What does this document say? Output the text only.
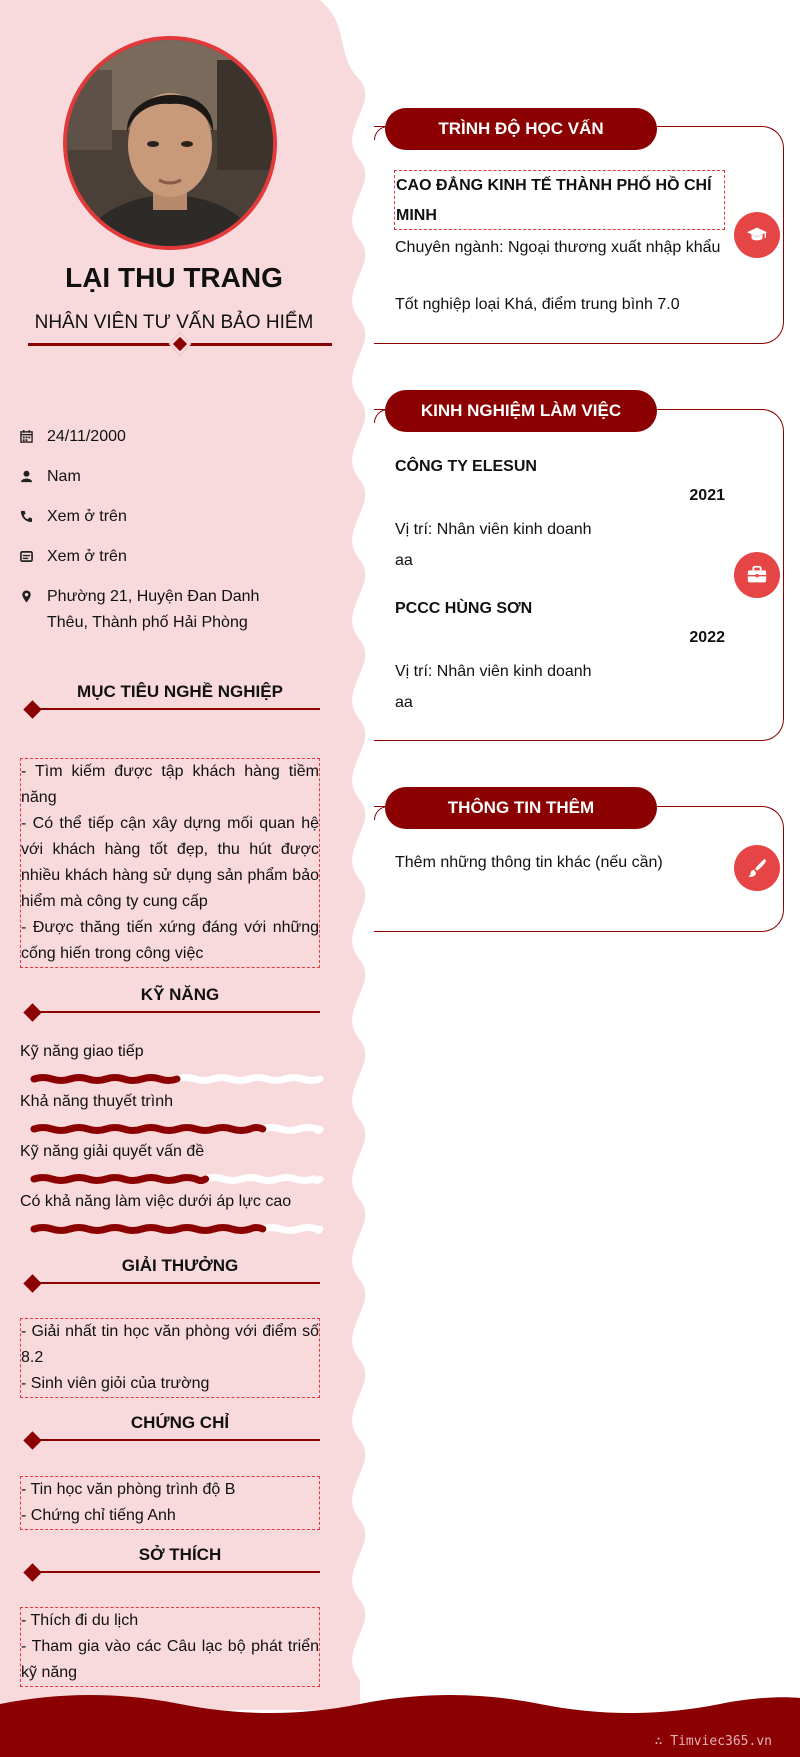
LẠI THU TRANG
NHÂN VIÊN TƯ VẤN BẢO HIỂM
24/11/2000
Nam
Xem ở trên
Xem ở trên
Phường 21, Huyện Đan Danh Thêu, Thành phố Hải Phòng
MỤC TIÊU NGHỀ NGHIỆP
- Tìm kiếm được tập khách hàng tiềm năng
- Có thể tiếp cận xây dựng mối quan hệ với khách hàng tốt đẹp, thu hút được nhiều khách hàng sử dụng sản phẩm bảo hiểm mà công ty cung cấp
- Được thăng tiến xứng đáng với những cống hiến trong công việc
KỸ NĂNG
Kỹ năng giao tiếp
Khả năng thuyết trình
Kỹ năng giải quyết vấn đề
Có khả năng làm việc dưới áp lực cao
GIẢI THƯỞNG
- Giải nhất tin học văn phòng với điểm số 8.2
- Sinh viên giỏi của trường
CHỨNG CHỈ
- Tin học văn phòng trình độ B
- Chứng chỉ tiếng Anh
SỞ THÍCH
- Thích đi du lịch
- Tham gia vào các Câu lạc bộ phát triển kỹ năng
TRÌNH ĐỘ HỌC VẤN
CAO ĐẲNG KINH TẾ THÀNH PHỐ HỒ CHÍ MINH
Chuyên ngành: Ngoại thương xuất nhập khẩu
Tốt nghiệp loại Khá, điểm trung bình 7.0
KINH NGHIỆM LÀM VIỆC
CÔNG TY ELESUN
2021
Vị trí: Nhân viên kinh doanh
aa
PCCC HÙNG SƠN
2022
Vị trí: Nhân viên kinh doanh
aa
THÔNG TIN THÊM
Thêm những thông tin khác (nếu cần)
∴ Timviec365.vn
